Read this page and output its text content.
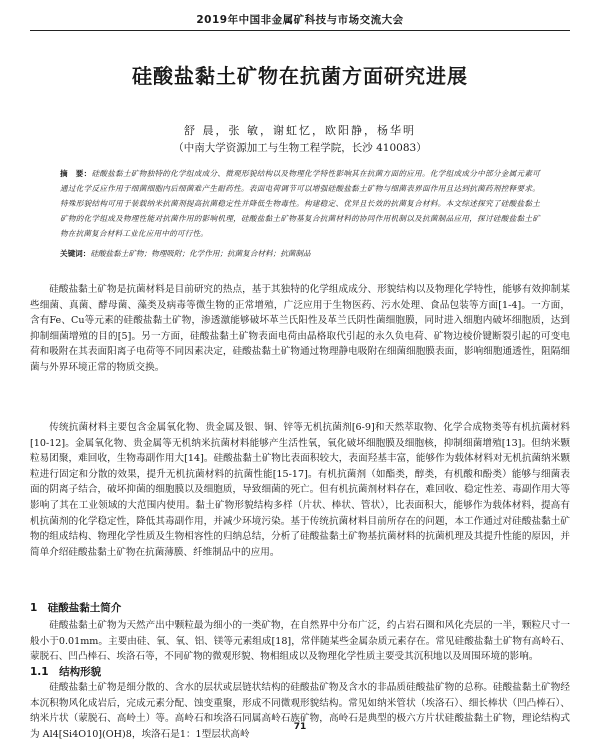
2019年中国非金属矿科技与市场交流大会
硅酸盐黏土矿物在抗菌方面研究进展
舒 晨，张 敏，谢虹忆，欧阳静，杨华明
（中南大学资源加工与生物工程学院，长沙 410083）
摘　要：硅酸盐黏土矿物独特的化学组成成分、微观形貌结构以及物理化学特性影响其在抗菌方面的应用。化学组成成分中部分金属元素可通过化学反应作用于细菌细胞内后细菌难产生耐药性。表面电荷调节可以增强硅酸盐黏土矿物与细菌表界面作用且达到抗菌药剂控释要求。特殊形貌结构可用于装载纳米抗菌剂提高抗菌稳定性并降低生物毒性。构建稳定、优异且长效的抗菌复合材料。本文综述探究了硅酸盐黏土矿物的化学组成及物理性能对抗菌作用的影响机理，硅酸盐黏土矿物基复合抗菌材料的协同作用机制以及抗菌制品应用，探讨硅酸盐黏土矿物在抗菌复合材料工业化应用中的可行性。
关键词：硅酸盐黏土矿物；物理吸附；化学作用；抗菌复合材料；抗菌制品
硅酸盐黏土矿物是抗菌材料是目前研究的热点，基于其独特的化学组成成分、形貌结构以及物理化学特性，能够有效抑制某些细菌、真菌、酵母菌、藻类及病毒等微生物的正常增殖，广泛应用于生物医药、污水处理、食品包装等方面[1-4]。一方面，含有Fe、Cu等元素的硅酸盐黏土矿物，渗透激能够破坏革兰氏阳性及革兰氏阴性菌细胞膜，同时进入细胞内破坏细胞质，达到抑制细菌增殖的目的[5]。另一方面，硅酸盐黏土矿物表面电荷由晶格取代引起的永久负电荷、矿物边棱价键断裂引起的可变电荷和吸附在其表面阳离子电荷等不同因素决定，硅酸盐黏土矿物通过物理静电吸附在细菌细胞膜表面，影响细胞通透性，阻隔细菌与外界环境正常的物质交换。
传统抗菌材料主要包含金属氧化物、贵金属及银、铜、锌等无机抗菌剂[6-9]和天然萃取物、化学合成物类等有机抗菌材料[10-12]。金属氧化物、贵金属等无机纳米抗菌材料能够产生活性氧，氧化破坏细胞膜及细胞核，抑制细菌增殖[13]。但纳米颗粒易团聚，难回收，生物毒副作用大[14]。硅酸盐黏土矿物比表面积较大，表面羟基丰富，能够作为载体材料对无机抗菌纳米颗粒进行固定和分散的效果，提升无机抗菌材料的抗菌性能[15-17]。有机抗菌剂（如酯类，醇类，有机酸和酚类）能够与细菌表面的阴离子结合，破坏抑菌的细胞膜以及细胞质，导致细菌的死亡。但有机抗菌剂材料存在，难回收、稳定性差、毒副作用大等影响了其在工业领域的大范围内使用。黏土矿物形貌结构多样（片状、棒状、管状），比表面积大，能够作为载体材料，提高有机抗菌剂的化学稳定性，降低其毒副作用，并减少环境污染。基于传统抗菌材料目前所存在的问题，本工作通过对硅酸盐黏土矿物的组成结构、物理化学性质及生物相容性的归纳总结，分析了硅酸盐黏土矿物基抗菌材料的抗菌机理及其提升性能的原因，并简单介绍硅酸盐黏土矿物在抗菌薄膜、纤维制品中的应用。
1　硅酸盐黏土简介
硅酸盐黏土矿物为天然产出中颗粒最为细小的一类矿物，在自然界中分布广泛，约占岩石圈和风化壳层的一半，颗粒尺寸一般小于0.01mm。主要由硅、氧、氧、铝、镁等元素组成[18]，常伴随某些金属杂质元素存在。常见硅酸盐黏土矿物有高岭石、蒙脱石、凹凸棒石、埃洛石等，不同矿物的微观形貌、物相组成以及物理化学性质主要受其沉积地以及周围环境的影响。
1.1　结构形貌
硅酸盐黏土矿物是细分散的、含水的层状或层链状结构的硅酸盐矿物及含水的非晶质硅酸盐矿物的总称。硅酸盐黏土矿物经本沉积物风化成岩后，完成元素分配、蚀变重聚，形成不同微观形貌结构。常见如纳米管状（埃洛石）、细长棒状（凹凸棒石）、纳米片状（蒙脱石、高岭土）等。高岭石和埃洛石同属高岭石族矿物，高岭石是典型的极六方片状硅酸盐黏土矿物，理论结构式为 Al4[Si4O10](OH)8，埃洛石是1：1型层状高岭
71
